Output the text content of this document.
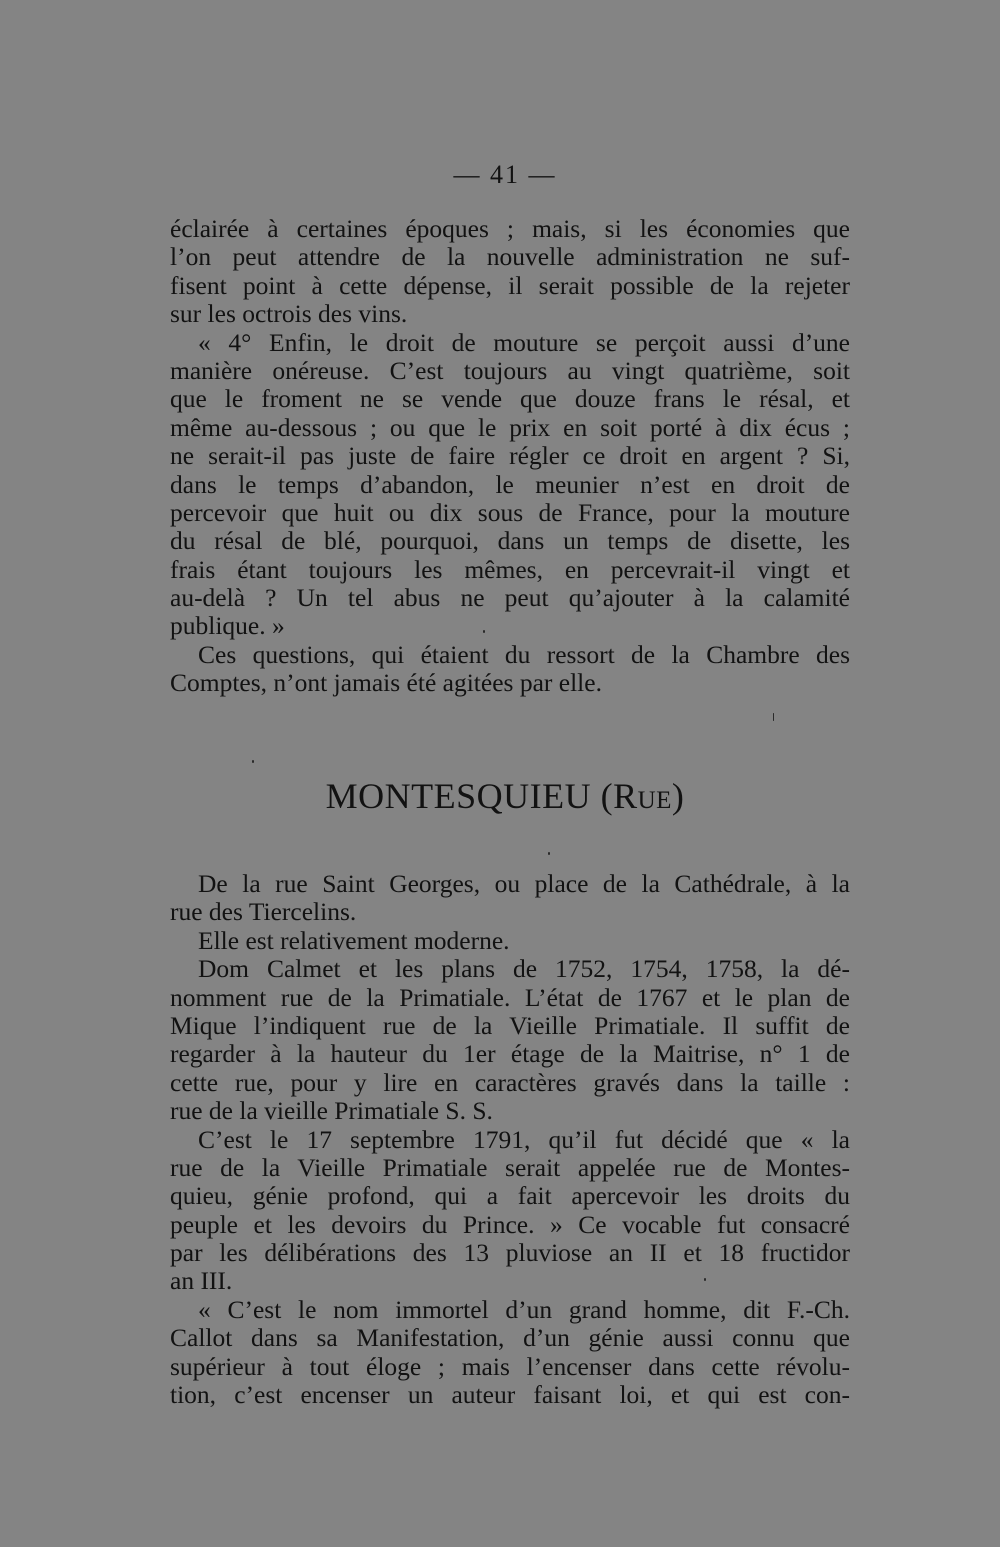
— 41 —
éclairée à certaines époques ; mais, si les économies que
l’on peut attendre de la nouvelle administration ne suf-
fisent point à cette dépense, il serait possible de la rejeter
sur les octrois des vins.
« 4° Enfin, le droit de mouture se perçoit aussi d’une
manière onéreuse. C’est toujours au vingt quatrième, soit
que le froment ne se vende que douze frans le résal, et
même au-dessous ; ou que le prix en soit porté à dix écus ;
ne serait-il pas juste de faire régler ce droit en argent ? Si,
dans le temps d’abandon, le meunier n’est en droit de
percevoir que huit ou dix sous de France, pour la mouture
du résal de blé, pourquoi, dans un temps de disette, les
frais étant toujours les mêmes, en percevrait-il vingt et
au-delà ? Un tel abus ne peut qu’ajouter à la calamité
publique. »
Ces questions, qui étaient du ressort de la Chambre des
Comptes, n’ont jamais été agitées par elle.
MONTESQUIEU (Rue)
De la rue Saint Georges, ou place de la Cathédrale, à la
rue des Tiercelins.
Elle est relativement moderne.
Dom Calmet et les plans de 1752, 1754, 1758, la dé-
nomment rue de la Primatiale. L’état de 1767 et le plan de
Mique l’indiquent rue de la Vieille Primatiale. Il suffit de
regarder à la hauteur du 1er étage de la Maitrise, n° 1 de
cette rue, pour y lire en caractères gravés dans la taille :
rue de la vieille Primatiale S. S.
C’est le 17 septembre 1791, qu’il fut décidé que « la
rue de la Vieille Primatiale serait appelée rue de Montes-
quieu, génie profond, qui a fait apercevoir les droits du
peuple et les devoirs du Prince. » Ce vocable fut consacré
par les délibérations des 13 pluviose an II et 18 fructidor
an III.
« C’est le nom immortel d’un grand homme, dit F.-Ch.
Callot dans sa Manifestation, d’un génie aussi connu que
supérieur à tout éloge ; mais l’encenser dans cette révolu-
tion, c’est encenser un auteur faisant loi, et qui est con-
